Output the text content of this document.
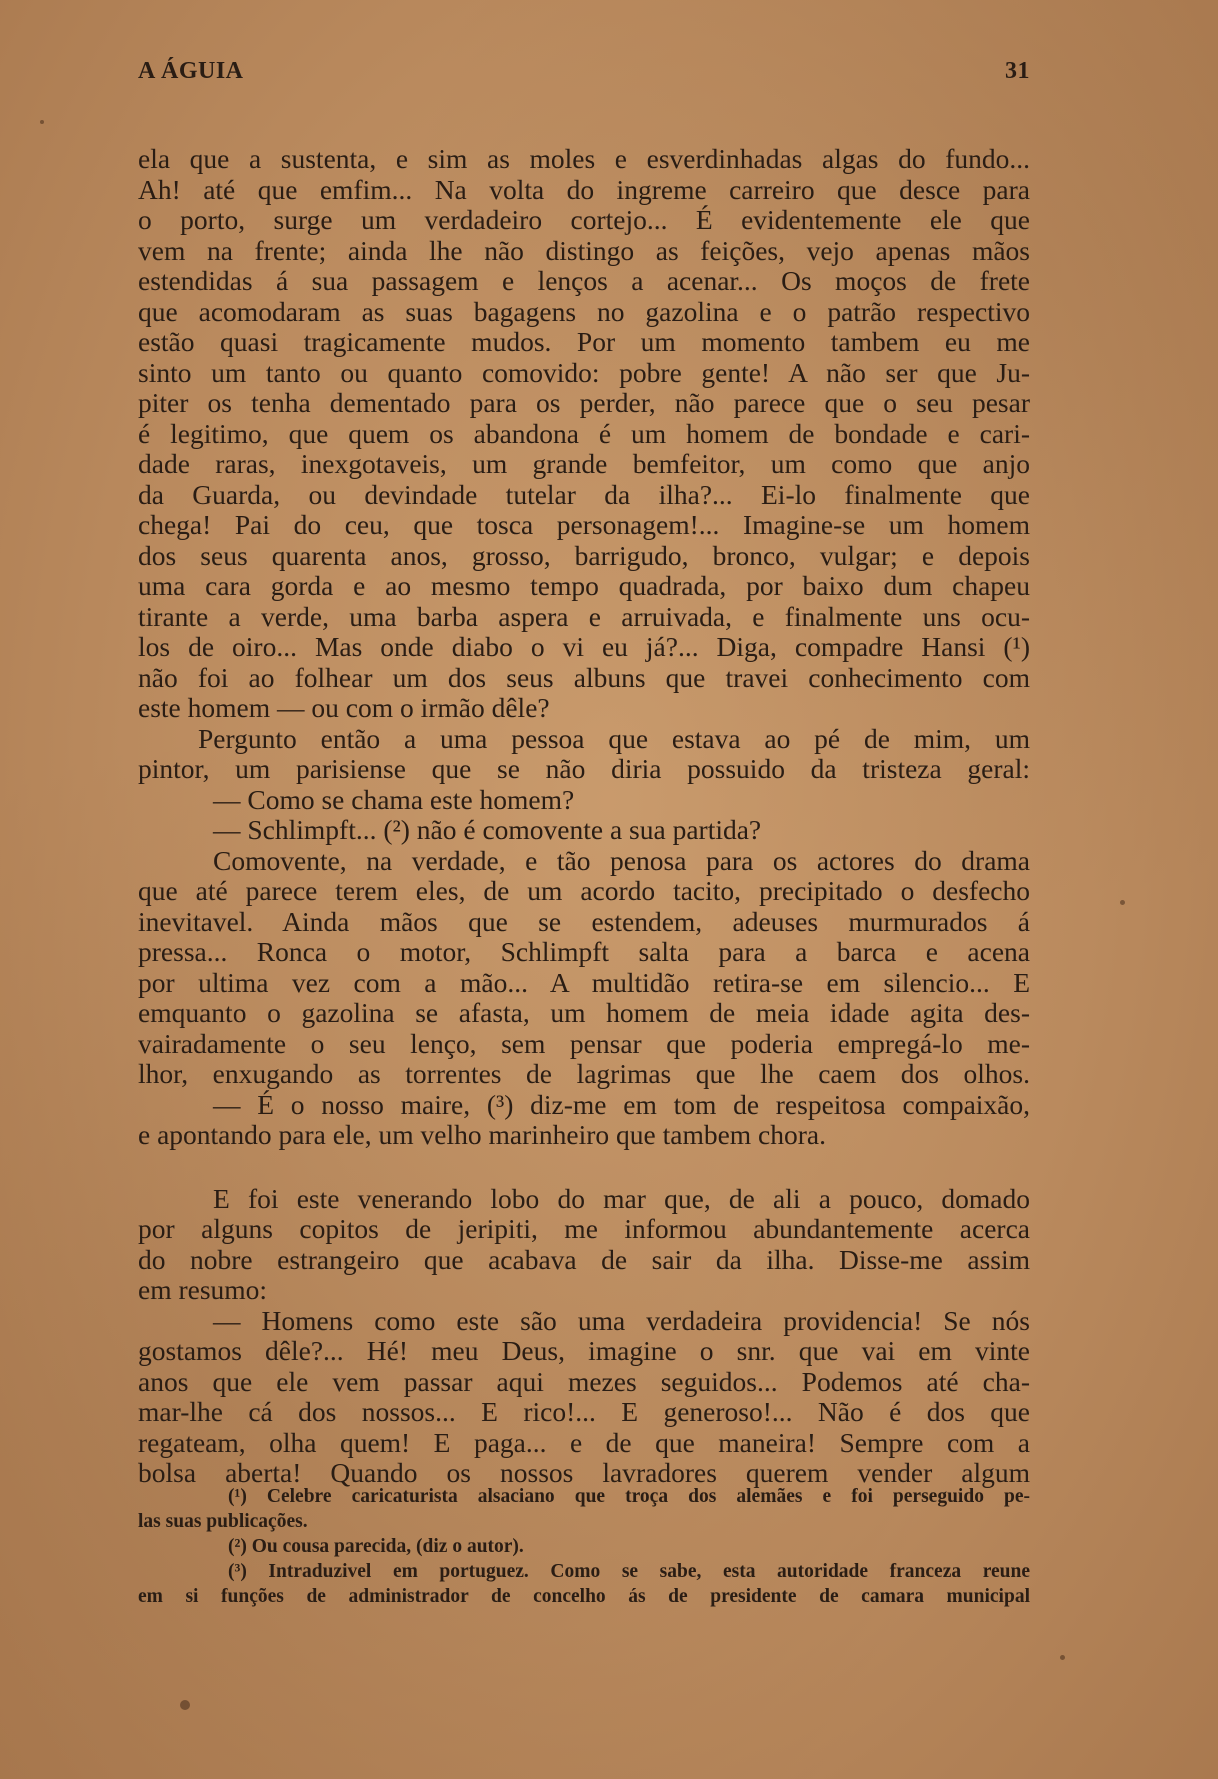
A ÁGUIA	31
ela que a sustenta, e sim as moles e esverdinhadas algas do fundo...
Ah! até que emfim... Na volta do ingreme carreiro que desce para
o porto, surge um verdadeiro cortejo... É evidentemente ele que
vem na frente; ainda lhe não distingo as feições, vejo apenas mãos
estendidas á sua passagem e lenços a acenar... Os moços de frete
que acomodaram as suas bagagens no gazolina e o patrão respectivo
estão quasi tragicamente mudos. Por um momento tambem eu me
sinto um tanto ou quanto comovido: pobre gente! A não ser que Ju-
piter os tenha dementado para os perder, não parece que o seu pesar
é legitimo, que quem os abandona é um homem de bondade e cari-
dade raras, inexgotaveis, um grande bemfeitor, um como que anjo
da Guarda, ou devindade tutelar da ilha?... Ei-lo finalmente que
chega! Pai do ceu, que tosca personagem!... Imagine-se um homem
dos seus quarenta anos, grosso, barrigudo, bronco, vulgar; e depois
uma cara gorda e ao mesmo tempo quadrada, por baixo dum chapeu
tirante a verde, uma barba aspera e arruivada, e finalmente uns ocu-
los de oiro... Mas onde diabo o vi eu já?... Diga, compadre Hansi (¹)
não foi ao folhear um dos seus albuns que travei conhecimento com
este homem — ou com o irmão dêle?
Pergunto então a uma pessoa que estava ao pé de mim, um
pintor, um parisiense que se não diria possuido da tristeza geral:
— Como se chama este homem?
— Schlimpft... (²) não é comovente a sua partida?
Comovente, na verdade, e tão penosa para os actores do drama
que até parece terem eles, de um acordo tacito, precipitado o desfecho
inevitavel. Ainda mãos que se estendem, adeuses murmurados á
pressa... Ronca o motor, Schlimpft salta para a barca e acena
por ultima vez com a mão... A multidão retira-se em silencio... E
emquanto o gazolina se afasta, um homem de meia idade agita des-
vairadamente o seu lenço, sem pensar que poderia empregá-lo me-
lhor, enxugando as torrentes de lagrimas que lhe caem dos olhos.
— É o nosso maire, (³) diz-me em tom de respeitosa compaixão,
e apontando para ele, um velho marinheiro que tambem chora.
E foi este venerando lobo do mar que, de ali a pouco, domado
por alguns copitos de jeripiti, me informou abundantemente acerca
do nobre estrangeiro que acabava de sair da ilha. Disse-me assim
em resumo:
— Homens como este são uma verdadeira providencia! Se nós
gostamos dêle?... Hé! meu Deus, imagine o snr. que vai em vinte
anos que ele vem passar aqui mezes seguidos... Podemos até cha-
mar-lhe cá dos nossos... E rico!... E generoso!... Não é dos que
regateam, olha quem! E paga... e de que maneira! Sempre com a
bolsa aberta! Quando os nossos lavradores querem vender algum
(¹) Celebre caricaturista alsaciano que troça dos alemães e foi perseguido pe-
las suas publicações.
(²) Ou cousa parecida, (diz o autor).
(³) Intraduzivel em portuguez. Como se sabe, esta autoridade franceza reune
em si funções de administrador de concelho ás de presidente de camara municipal
